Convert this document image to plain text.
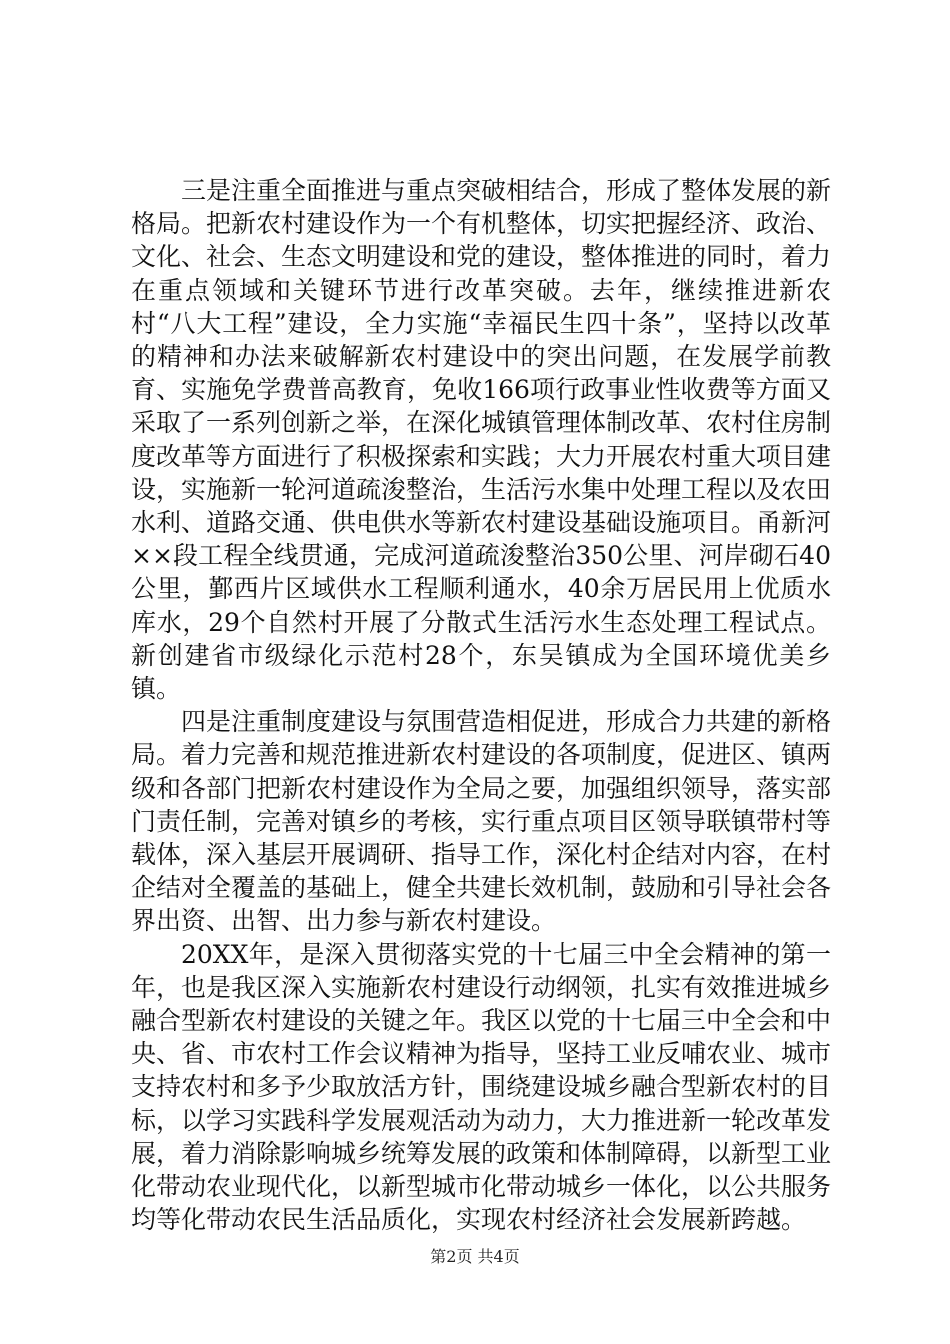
三是注重全面推进与重点突破相结合，形成了整体发展的新格局。把新农村建设作为一个有机整体，切实把握经济、政治、文化、社会、生态文明建设和党的建设，整体推进的同时，着力在重点领域和关键环节进行改革突破。去年，继续推进新农村“八大工程”建设，全力实施“幸福民生四十条”，坚持以改革的精神和办法来破解新农村建设中的突出问题，在发展学前教育、实施免学费普高教育，免收166项行政事业性收费等方面又采取了一系列创新之举，在深化城镇管理体制改革、农村住房制度改革等方面进行了积极探索和实践；大力开展农村重大项目建设，实施新一轮河道疏浚整治，生活污水集中处理工程以及农田水利、道路交通、供电供水等新农村建设基础设施项目。甬新河××段工程全线贯通，完成河道疏浚整治350公里、河岸砌石40公里，鄞西片区域供水工程顺利通水，40余万居民用上优质水库水，29个自然村开展了分散式生活污水生态处理工程试点。新创建省市级绿化示范村28个，东吴镇成为全国环境优美乡镇。

四是注重制度建设与氛围营造相促进，形成合力共建的新格局。着力完善和规范推进新农村建设的各项制度，促进区、镇两级和各部门把新农村建设作为全局之要，加强组织领导，落实部门责任制，完善对镇乡的考核，实行重点项目区领导联镇带村等载体，深入基层开展调研、指导工作，深化村企结对内容，在村企结对全覆盖的基础上，健全共建长效机制，鼓励和引导社会各界出资、出智、出力参与新农村建设。

20XX年，是深入贯彻落实党的十七届三中全会精神的第一年，也是我区深入实施新农村建设行动纲领，扎实有效推进城乡融合型新农村建设的关键之年。我区以党的十七届三中全会和中央、省、市农村工作会议精神为指导，坚持工业反哺农业、城市支持农村和多予少取放活方针，围绕建设城乡融合型新农村的目标，以学习实践科学发展观活动为动力，大力推进新一轮改革发展，着力消除影响城乡统筹发展的政策和体制障碍，以新型工业化带动农业现代化，以新型城市化带动城乡一体化，以公共服务均等化带动农民生活品质化，实现农村经济社会发展新跨越。

第2页 共4页
